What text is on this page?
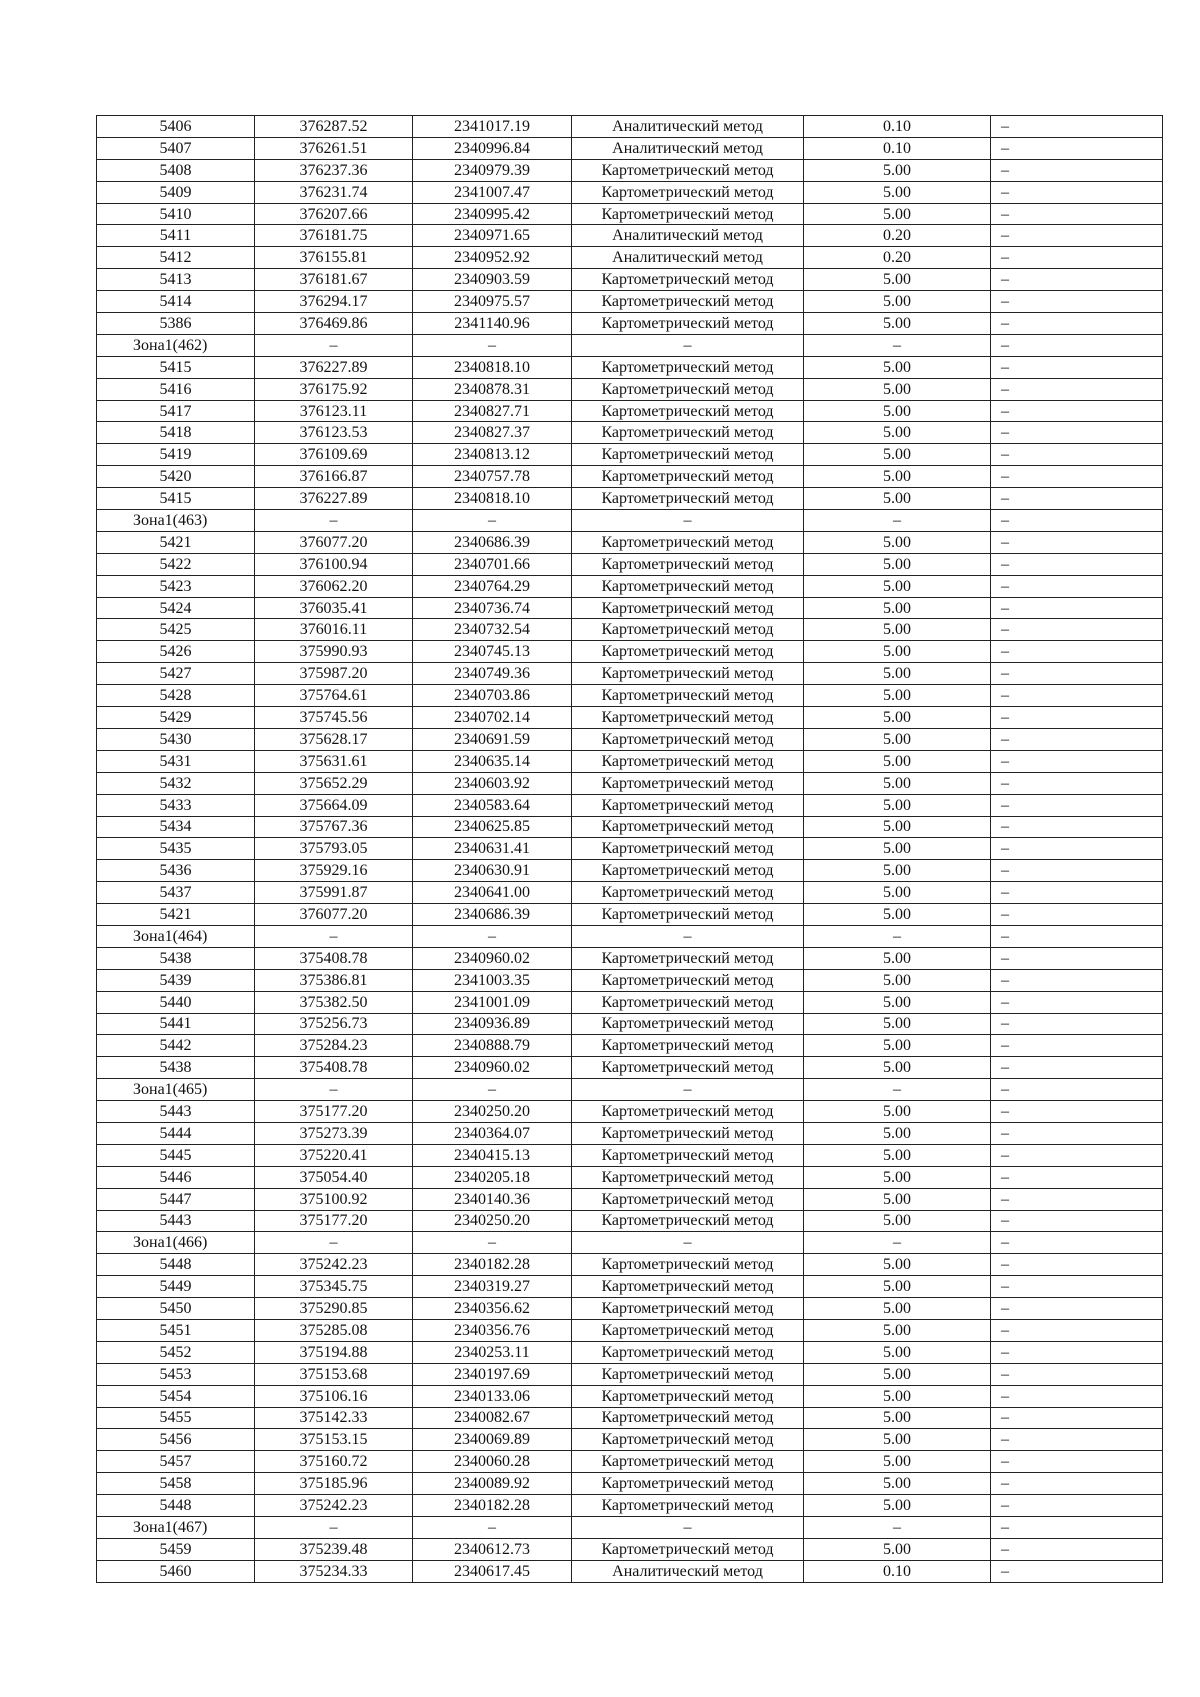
5406	376287.52	2341017.19	Аналитический метод	0.10	–
5407	376261.51	2340996.84	Аналитический метод	0.10	–
5408	376237.36	2340979.39	Картометрический метод	5.00	–
5409	376231.74	2341007.47	Картометрический метод	5.00	–
5410	376207.66	2340995.42	Картометрический метод	5.00	–
5411	376181.75	2340971.65	Аналитический метод	0.20	–
5412	376155.81	2340952.92	Аналитический метод	0.20	–
5413	376181.67	2340903.59	Картометрический метод	5.00	–
5414	376294.17	2340975.57	Картометрический метод	5.00	–
5386	376469.86	2341140.96	Картометрический метод	5.00	–
Зона1(462)	–	–	–	–	–
5415	376227.89	2340818.10	Картометрический метод	5.00	–
5416	376175.92	2340878.31	Картометрический метод	5.00	–
5417	376123.11	2340827.71	Картометрический метод	5.00	–
5418	376123.53	2340827.37	Картометрический метод	5.00	–
5419	376109.69	2340813.12	Картометрический метод	5.00	–
5420	376166.87	2340757.78	Картометрический метод	5.00	–
5415	376227.89	2340818.10	Картометрический метод	5.00	–
Зона1(463)	–	–	–	–	–
5421	376077.20	2340686.39	Картометрический метод	5.00	–
5422	376100.94	2340701.66	Картометрический метод	5.00	–
5423	376062.20	2340764.29	Картометрический метод	5.00	–
5424	376035.41	2340736.74	Картометрический метод	5.00	–
5425	376016.11	2340732.54	Картометрический метод	5.00	–
5426	375990.93	2340745.13	Картометрический метод	5.00	–
5427	375987.20	2340749.36	Картометрический метод	5.00	–
5428	375764.61	2340703.86	Картометрический метод	5.00	–
5429	375745.56	2340702.14	Картометрический метод	5.00	–
5430	375628.17	2340691.59	Картометрический метод	5.00	–
5431	375631.61	2340635.14	Картометрический метод	5.00	–
5432	375652.29	2340603.92	Картометрический метод	5.00	–
5433	375664.09	2340583.64	Картометрический метод	5.00	–
5434	375767.36	2340625.85	Картометрический метод	5.00	–
5435	375793.05	2340631.41	Картометрический метод	5.00	–
5436	375929.16	2340630.91	Картометрический метод	5.00	–
5437	375991.87	2340641.00	Картометрический метод	5.00	–
5421	376077.20	2340686.39	Картометрический метод	5.00	–
Зона1(464)	–	–	–	–	–
5438	375408.78	2340960.02	Картометрический метод	5.00	–
5439	375386.81	2341003.35	Картометрический метод	5.00	–
5440	375382.50	2341001.09	Картометрический метод	5.00	–
5441	375256.73	2340936.89	Картометрический метод	5.00	–
5442	375284.23	2340888.79	Картометрический метод	5.00	–
5438	375408.78	2340960.02	Картометрический метод	5.00	–
Зона1(465)	–	–	–	–	–
5443	375177.20	2340250.20	Картометрический метод	5.00	–
5444	375273.39	2340364.07	Картометрический метод	5.00	–
5445	375220.41	2340415.13	Картометрический метод	5.00	–
5446	375054.40	2340205.18	Картометрический метод	5.00	–
5447	375100.92	2340140.36	Картометрический метод	5.00	–
5443	375177.20	2340250.20	Картометрический метод	5.00	–
Зона1(466)	–	–	–	–	–
5448	375242.23	2340182.28	Картометрический метод	5.00	–
5449	375345.75	2340319.27	Картометрический метод	5.00	–
5450	375290.85	2340356.62	Картометрический метод	5.00	–
5451	375285.08	2340356.76	Картометрический метод	5.00	–
5452	375194.88	2340253.11	Картометрический метод	5.00	–
5453	375153.68	2340197.69	Картометрический метод	5.00	–
5454	375106.16	2340133.06	Картометрический метод	5.00	–
5455	375142.33	2340082.67	Картометрический метод	5.00	–
5456	375153.15	2340069.89	Картометрический метод	5.00	–
5457	375160.72	2340060.28	Картометрический метод	5.00	–
5458	375185.96	2340089.92	Картометрический метод	5.00	–
5448	375242.23	2340182.28	Картометрический метод	5.00	–
Зона1(467)	–	–	–	–	–
5459	375239.48	2340612.73	Картометрический метод	5.00	–
5460	375234.33	2340617.45	Аналитический метод	0.10	–
